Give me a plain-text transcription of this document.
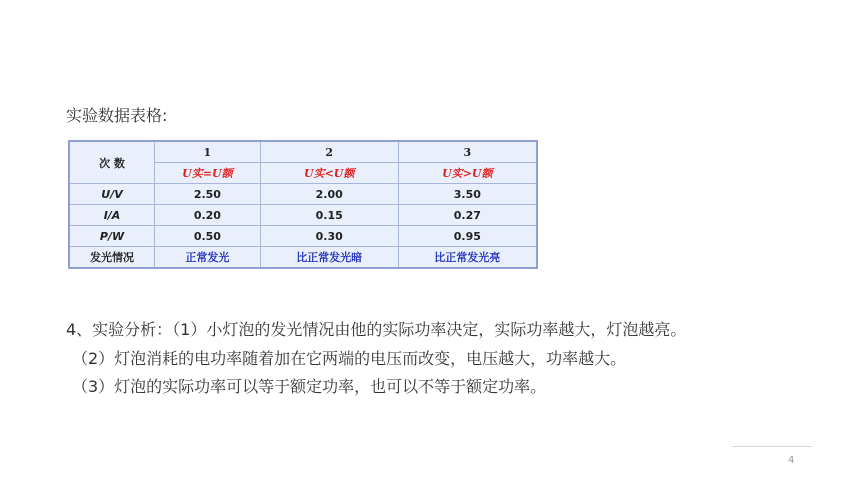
实验数据表格:
次 数	1	2	3
	U实=U额	U实<U额	U实>U额
U/V	2.50	2.00	3.50
I/A	0.20	0.15	0.27
P/W	0.50	0.30	0.95
发光情况	正常发光	比正常发光暗	比正常发光亮
4、实验分析：（1）小灯泡的发光情况由他的实际功率决定，实际功率越大，灯泡越亮。
（2）灯泡消耗的电功率随着加在它两端的电压而改变，电压越大，功率越大。
（3）灯泡的实际功率可以等于额定功率，也可以不等于额定功率。
4
